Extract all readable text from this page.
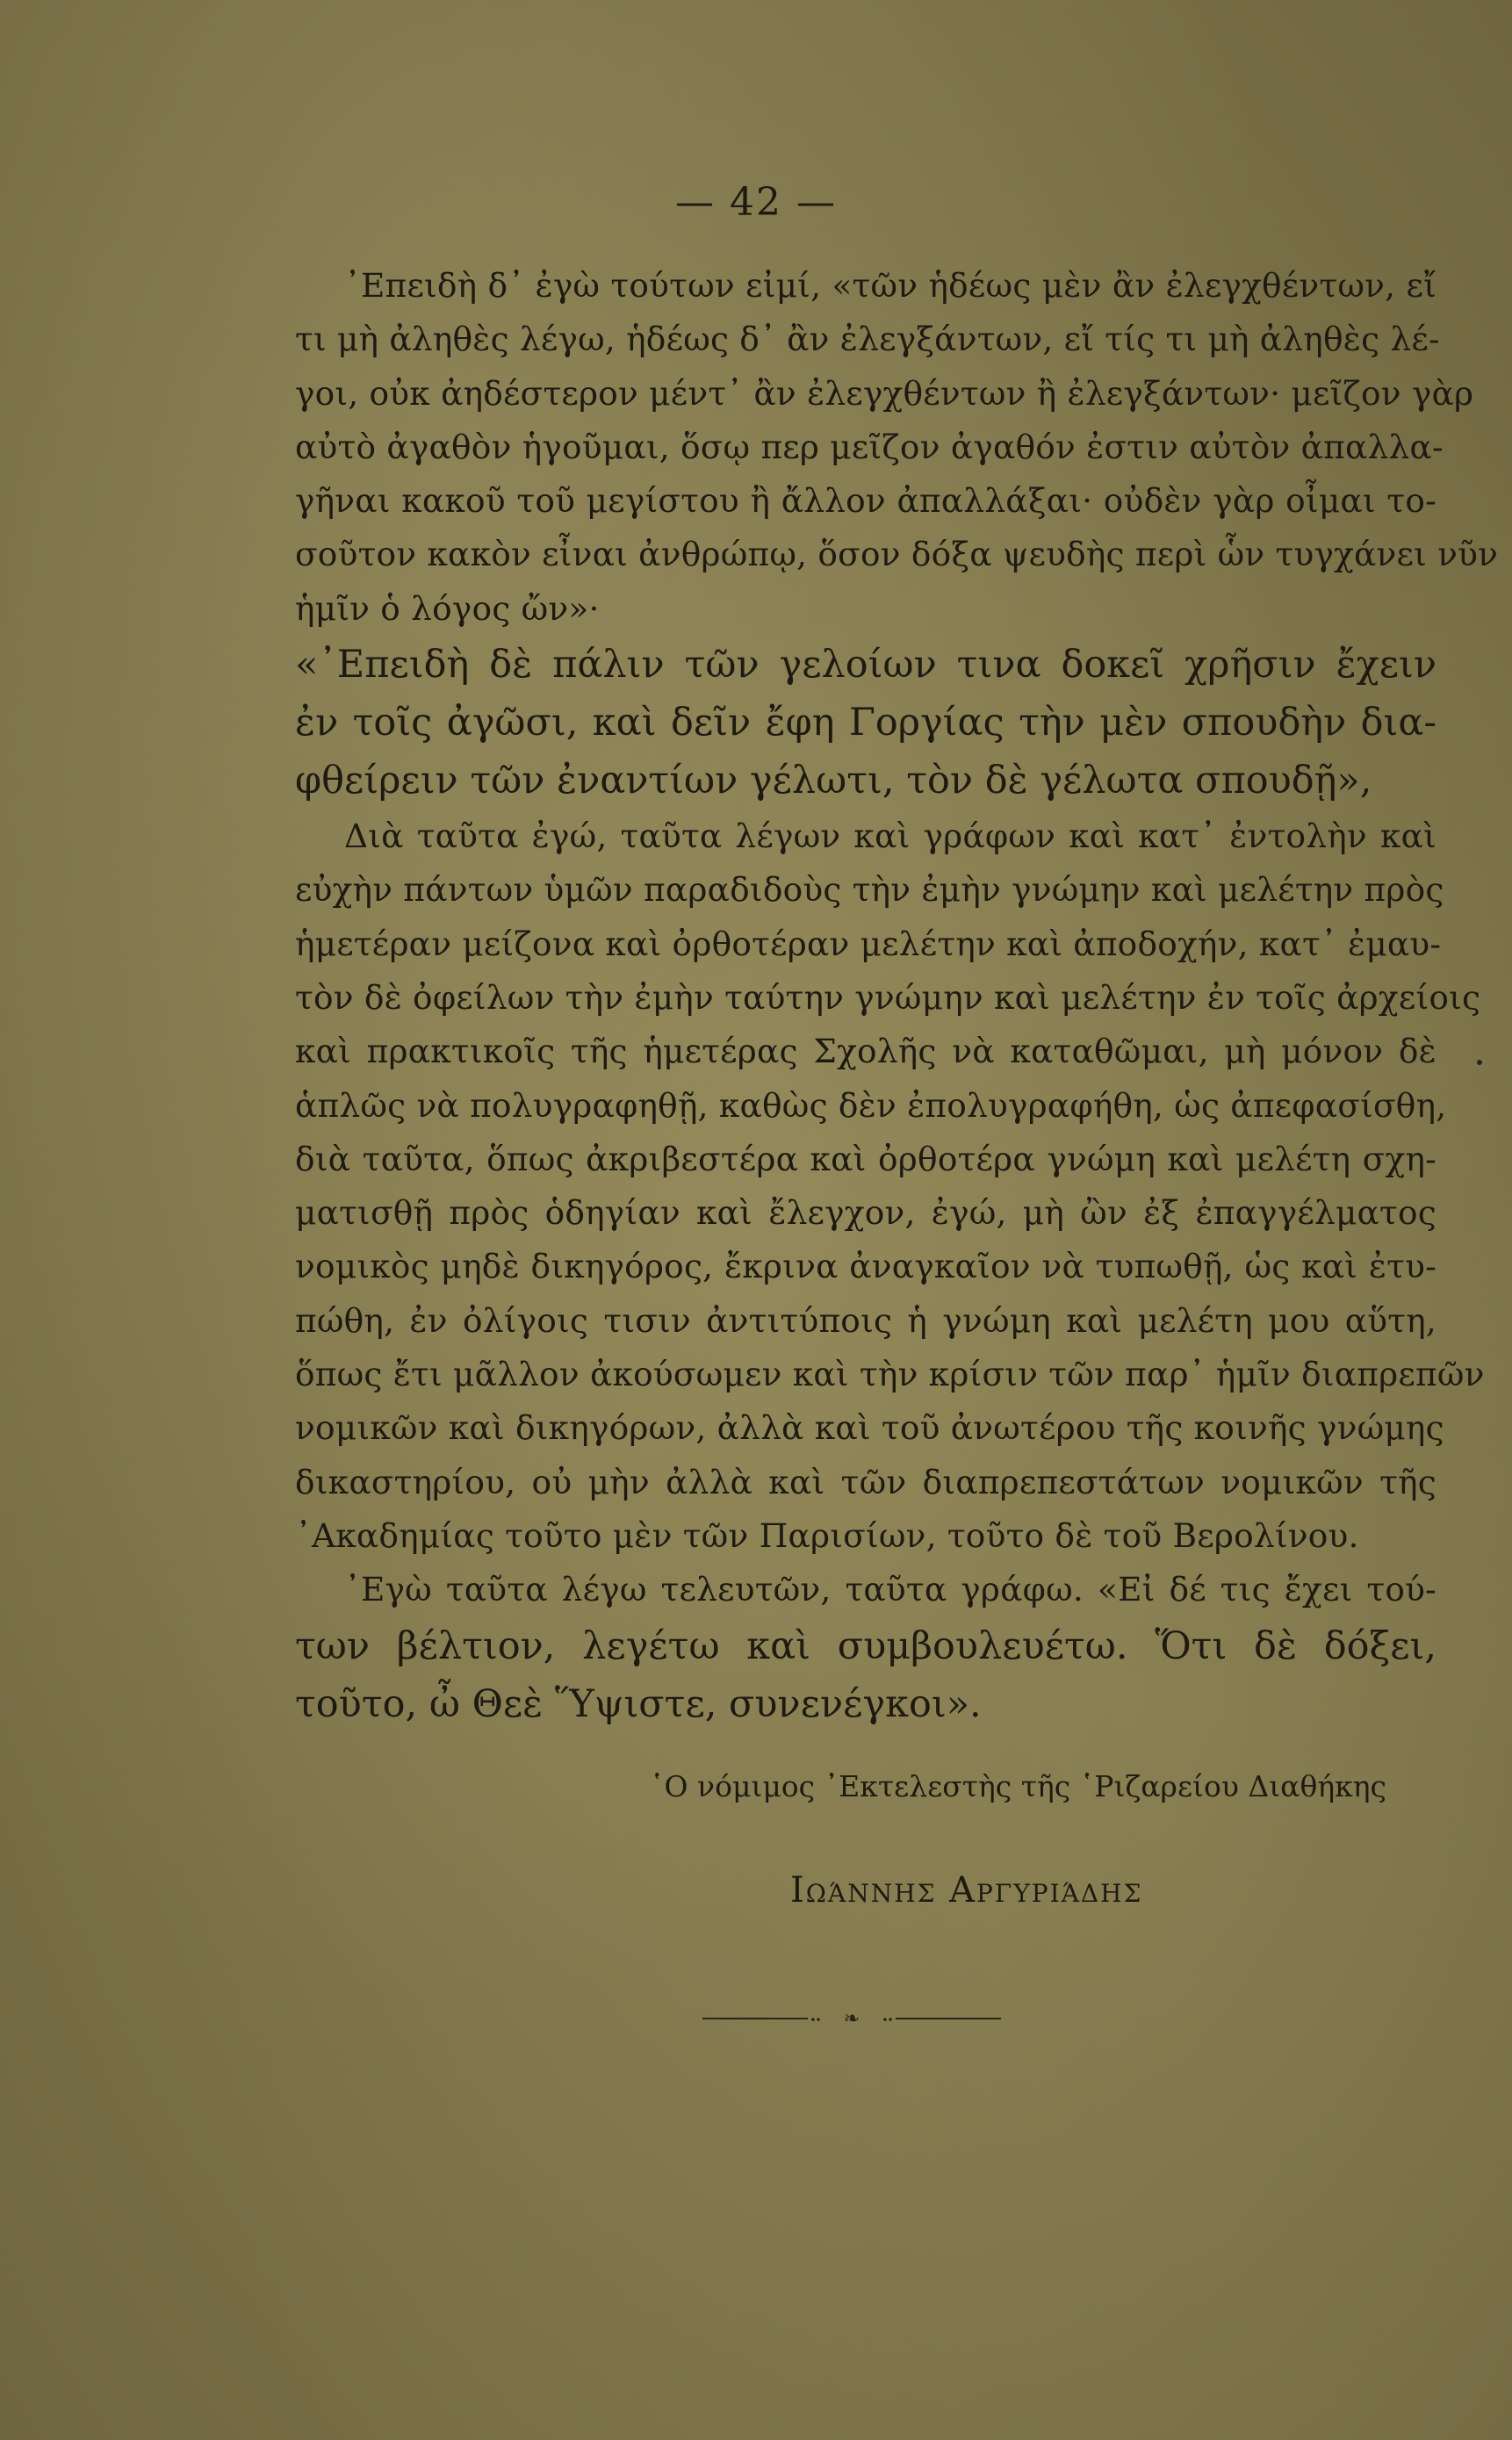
— 42 —

᾿Επειδὴ δ᾿ ἐγὼ τούτων εἰμί, «τῶν ἡδέως μὲν ἂν ἐλεγχθέντων, εἴ
τι μὴ ἀληθὲς λέγω, ἡδέως δ᾿ ἂν ἐλεγξάντων, εἴ τίς τι μὴ ἀληθὲς λέ-
γοι, οὐκ ἀηδέστερον μέντ᾿ ἂν ἐλεγχθέντων ἢ ἐλεγξάντων· μεῖζον γὰρ
αὐτὸ ἀγαθὸν ἡγοῦμαι, ὅσῳ περ μεῖζον ἀγαθόν ἐστιν αὐτὸν ἀπαλλα-
γῆναι κακοῦ τοῦ μεγίστου ἢ ἄλλον ἀπαλλάξαι· οὐδὲν γὰρ οἶμαι το-
σοῦτον κακὸν εἶναι ἀνθρώπῳ, ὅσον δόξα ψευδὴς περὶ ὧν τυγχάνει νῦν
ἡμῖν ὁ λόγος ὤν»·

«᾿Επειδὴ δὲ πάλιν τῶν γελοίων τινα δοκεῖ χρῆσιν ἔχειν
ἐν τοῖς ἀγῶσι, καὶ δεῖν ἔφη Γοργίας τὴν μὲν σπουδὴν δια-
φθείρειν τῶν ἐναντίων γέλωτι, τὸν δὲ γέλωτα σπουδῇ»,

Διὰ ταῦτα ἐγώ, ταῦτα λέγων καὶ γράφων καὶ κατ᾿ ἐντολὴν καὶ
εὐχὴν πάντων ὑμῶν παραδιδοὺς τὴν ἐμὴν γνώμην καὶ μελέτην πρὸς
ἡμετέραν μείζονα καὶ ὀρθοτέραν μελέτην καὶ ἀποδοχήν, κατ᾿ ἐμαυ-
τὸν δὲ ὀφείλων τὴν ἐμὴν ταύτην γνώμην καὶ μελέτην ἐν τοῖς ἀρχείοις
καὶ πρακτικοῖς τῆς ἡμετέρας Σχολῆς νὰ καταθῶμαι, μὴ μόνον δὲ
ἁπλῶς νὰ πολυγραφηθῇ, καθὼς δὲν ἐπολυγραφήθη, ὡς ἀπεφασίσθη,
διὰ ταῦτα, ὅπως ἀκριβεστέρα καὶ ὀρθοτέρα γνώμη καὶ μελέτη σχη-
ματισθῇ πρὸς ὁδηγίαν καὶ ἔλεγχον, ἐγώ, μὴ ὢν ἐξ ἐπαγγέλματος
νομικὸς μηδὲ δικηγόρος, ἔκρινα ἀναγκαῖον νὰ τυπωθῇ, ὡς καὶ ἐτυ-
πώθη, ἐν ὀλίγοις τισιν ἀντιτύποις ἡ γνώμη καὶ μελέτη μου αὕτη,
ὅπως ἔτι μᾶλλον ἀκούσωμεν καὶ τὴν κρίσιν τῶν παρ᾿ ἡμῖν διαπρεπῶν
νομικῶν καὶ δικηγόρων, ἀλλὰ καὶ τοῦ ἀνωτέρου τῆς κοινῆς γνώμης
δικαστηρίου, οὐ μὴν ἀλλὰ καὶ τῶν διαπρεπεστάτων νομικῶν τῆς
᾿Ακαδημίας τοῦτο μὲν τῶν Παρισίων, τοῦτο δὲ τοῦ Βερολίνου.

᾿Εγὼ ταῦτα λέγω τελευτῶν, ταῦτα γράφω. «Εἰ δέ τις ἔχει τού-

των βέλτιον, λεγέτω καὶ συμβουλευέτω. Ὅτι δὲ δόξει,
τοῦτο, ὦ Θεὲ Ὕψιστε, συνενέγκοι».

῾Ο νόμιμος ᾿Εκτελεστὴς τῆς ῾Ριζαρείου Διαθήκης
Ιωάννης Αργυριάδης
❧
